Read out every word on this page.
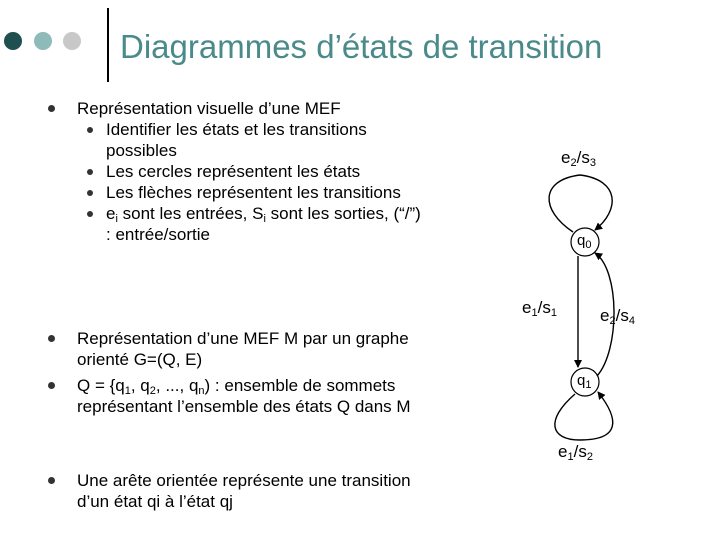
Diagrammes d’états de transition
Représentation visuelle d’une MEF
Identifier les états et les transitions possibles
Les cercles représentent les états
Les flèches représentent les transitions
$e_i$ sont les entrées, $S_i$ sont les sorties, (“/”) : entrée/sortie
Représentation d’une MEF M par un graphe orienté G=(Q, E)
$Q = \{q_1$, $q_2$, ..., $q_n$) : ensemble de sommets représentant l’ensemble des états Q dans M
Une arête orientée représente une transition d’un état qi à l’état qj
$q_0$
$q_1$
$e_2/s_3$
$e_1/s_1$	$e_2/s_4$
$e_1/s_2$
